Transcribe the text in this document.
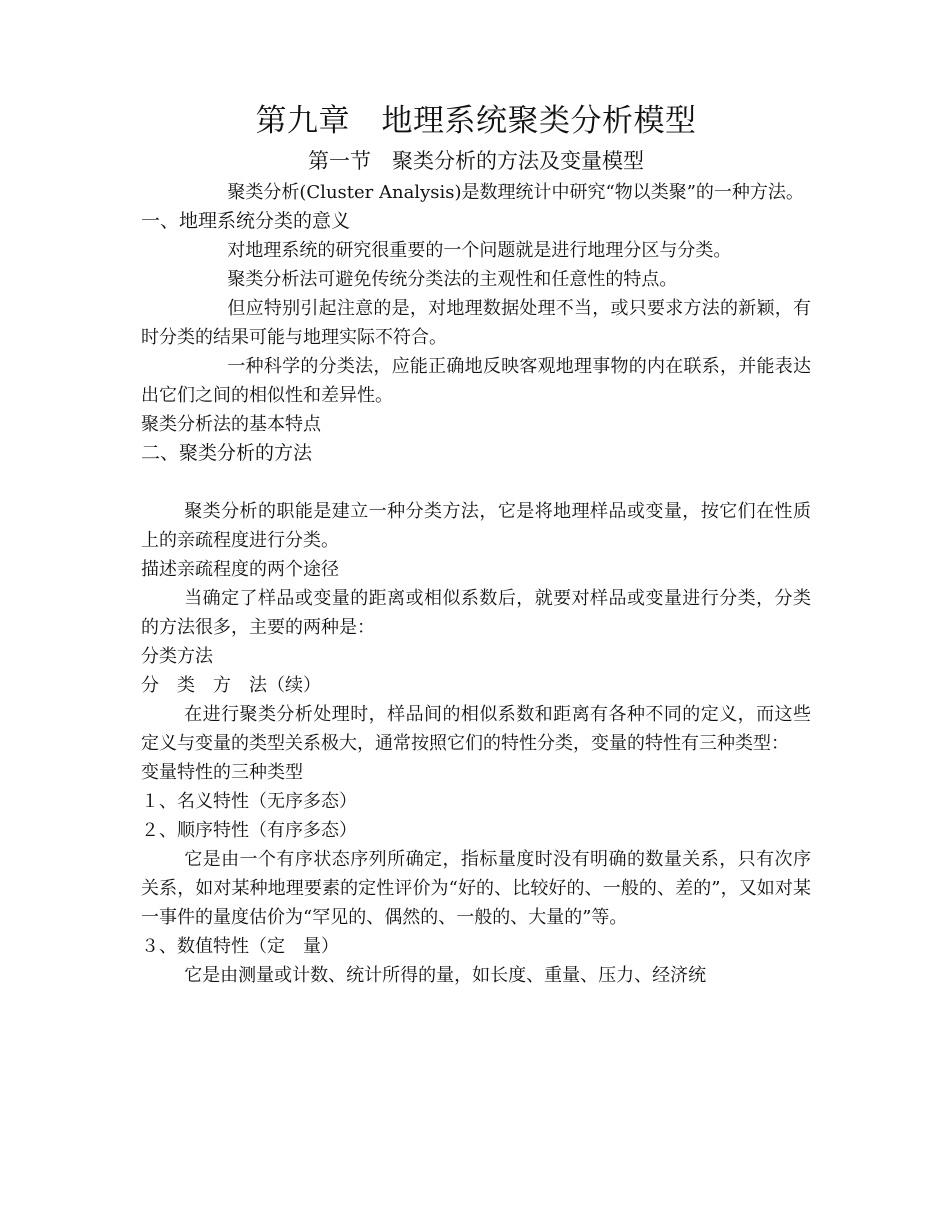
第九章　地理系统聚类分析模型
第一节　聚类分析的方法及变量模型

聚类分析(Cluster Analysis)是数理统计中研究“物以类聚”的一种方法。

一、地理系统分类的意义

对地理系统的研究很重要的一个问题就是进行地理分区与分类。

聚类分析法可避免传统分类法的主观性和任意性的特点。

但应特别引起注意的是，对地理数据处理不当，或只要求方法的新颖，有时分类的结果可能与地理实际不符合。

一种科学的分类法，应能正确地反映客观地理事物的内在联系，并能表达出它们之间的相似性和差异性。

聚类分析法的基本特点

二、聚类分析的方法

聚类分析的职能是建立一种分类方法，它是将地理样品或变量，按它们在性质上的亲疏程度进行分类。

描述亲疏程度的两个途径

当确定了样品或变量的距离或相似系数后，就要对样品或变量进行分类，分类的方法很多，主要的两种是：

分类方法

分　类　方　法（续）

在进行聚类分析处理时，样品间的相似系数和距离有各种不同的定义，而这些定义与变量的类型关系极大，通常按照它们的特性分类，变量的特性有三种类型：

变量特性的三种类型

１、名义特性（无序多态）

２、顺序特性（有序多态）

它是由一个有序状态序列所确定，指标量度时没有明确的数量关系，只有次序关系，如对某种地理要素的定性评价为“好的、比较好的、一般的、差的”，又如对某一事件的量度估价为“罕见的、偶然的、一般的、大量的”等。

３、数值特性（定　量）

它是由测量或计数、统计所得的量，如长度、重量、压力、经济统
